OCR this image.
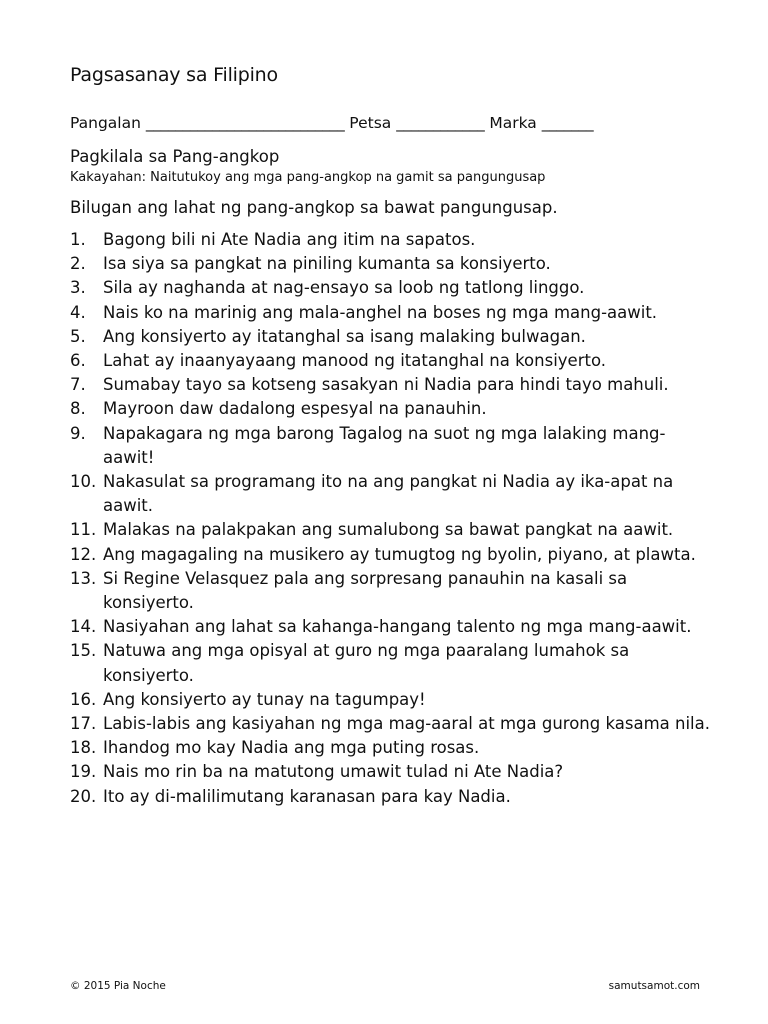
Pagsasanay sa Filipino
Pangalan ___________________________ Petsa ____________ Marka _______
Pagkilala sa Pang-angkop
Kakayahan: Naitutukoy ang mga pang-angkop na gamit sa pangungusap
Bilugan ang lahat ng pang-angkop sa bawat pangungusap.
1. Bagong bili ni Ate Nadia ang itim na sapatos.
2. Isa siya sa pangkat na piniling kumanta sa konsiyerto.
3. Sila ay naghanda at nag-ensayo sa loob ng tatlong linggo.
4. Nais ko na marinig ang mala-anghel na boses ng mga mang-aawit.
5. Ang konsiyerto ay itatanghal sa isang malaking bulwagan.
6. Lahat ay inaanyayaang manood ng itatanghal na konsiyerto.
7. Sumabay tayo sa kotseng sasakyan ni Nadia para hindi tayo mahuli.
8. Mayroon daw dadalong espesyal na panauhin.
9. Napakagara ng mga barong Tagalog na suot ng mga lalaking mang-aawit!
10. Nakasulat sa programang ito na ang pangkat ni Nadia ay ika-apat na aawit.
11. Malakas na palakpakan ang sumalubong sa bawat pangkat na aawit.
12. Ang magagaling na musikero ay tumugtog ng byolin, piyano, at plawta.
13. Si Regine Velasquez pala ang sorpresang panauhin na kasali sa konsiyerto.
14. Nasiyahan ang lahat sa kahanga-hangang talento ng mga mang-aawit.
15. Natuwa ang mga opisyal at guro ng mga paaralang lumahok sa konsiyerto.
16. Ang konsiyerto ay tunay na tagumpay!
17. Labis-labis ang kasiyahan ng mga mag-aaral at mga gurong kasama nila.
18. Ihandog mo kay Nadia ang mga puting rosas.
19. Nais mo rin ba na matutong umawit tulad ni Ate Nadia?
20. Ito ay di-malilimutang karanasan para kay Nadia.
© 2015 Pia Noche	samutsamot.com
